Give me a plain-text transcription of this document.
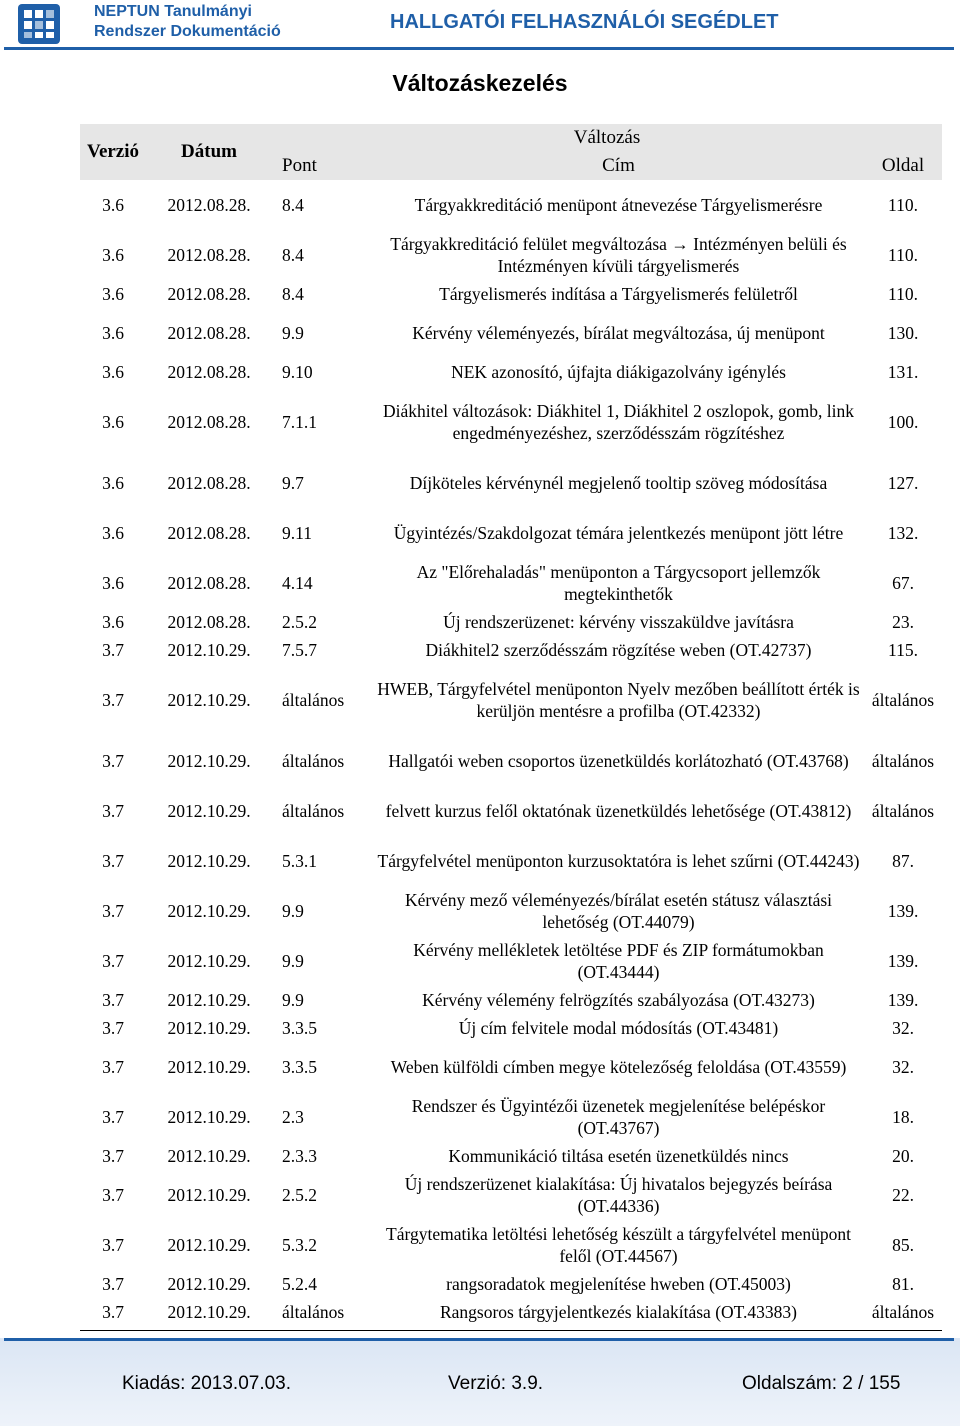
NEPTUN Tanulmányi
Rendszer Dokumentáció	HALLGATÓI FELHASZNÁLÓI SEGÉDLET
Változáskezelés
Verzió	Dátum	Változás		
		Pont	Cím	Oldal
3.6	2012.08.28.	8.4	Tárgyakkreditáció menüpont átnevezése Tárgyelismerésre	110.
3.6	2012.08.28.	8.4	Tárgyakkreditáció felület megváltozása → Intézményen belüli és Intézményen kívüli tárgyelismerés	110.
3.6	2012.08.28.	8.4	Tárgyelismerés indítása a Tárgyelismerés felületről	110.
3.6	2012.08.28.	9.9	Kérvény véleményezés, bírálat megváltozása, új menüpont	130.
3.6	2012.08.28.	9.10	NEK azonosító, újfajta diákigazolvány igénylés	131.
3.6	2012.08.28.	7.1.1	Diákhitel változások: Diákhitel 1, Diákhitel 2 oszlopok, gomb, link engedményezéshez, szerződésszám rögzítéshez	100.
3.6	2012.08.28.	9.7	Díjköteles kérvénynél megjelenő tooltip szöveg módosítása	127.
3.6	2012.08.28.	9.11	Ügyintézés/Szakdolgozat témára jelentkezés menüpont jött létre	132.
3.6	2012.08.28.	4.14	Az "Előrehaladás" menüponton a Tárgycsoport jellemzők megtekinthetők	67.
3.6	2012.08.28.	2.5.2	Új rendszerüzenet: kérvény visszaküldve javításra	23.
3.7	2012.10.29.	7.5.7	Diákhitel2 szerződésszám rögzítése weben (OT.42737)	115.
3.7	2012.10.29.	általános	HWEB, Tárgyfelvétel menüponton Nyelv mezőben beállított érték is kerüljön mentésre a profilba (OT.42332)	általános
3.7	2012.10.29.	általános	Hallgatói weben csoportos üzenetküldés korlátozható (OT.43768)	általános
3.7	2012.10.29.	általános	felvett kurzus felől oktatónak üzenetküldés lehetősége (OT.43812)	általános
3.7	2012.10.29.	5.3.1	Tárgyfelvétel menüponton kurzusoktatóra is lehet szűrni (OT.44243)	87.
3.7	2012.10.29.	9.9	Kérvény mező véleményezés/bírálat esetén státusz választási lehetőség (OT.44079)	139.
3.7	2012.10.29.	9.9	Kérvény mellékletek letöltése PDF és ZIP formátumokban (OT.43444)	139.
3.7	2012.10.29.	9.9	Kérvény vélemény felrögzítés szabályozása (OT.43273)	139.
3.7	2012.10.29.	3.3.5	Új cím felvitele modal módosítás (OT.43481)	32.
3.7	2012.10.29.	3.3.5	Weben külföldi címben megye kötelezőség feloldása (OT.43559)	32.
3.7	2012.10.29.	2.3	Rendszer és Ügyintézői üzenetek megjelenítése belépéskor (OT.43767)	18.
3.7	2012.10.29.	2.3.3	Kommunikáció tiltása esetén üzenetküldés nincs	20.
3.7	2012.10.29.	2.5.2	Új rendszerüzenet kialakítása: Új hivatalos bejegyzés beírása (OT.44336)	22.
3.7	2012.10.29.	5.3.2	Tárgytematika letöltési lehetőség készült a tárgyfelvétel menüpont felől (OT.44567)	85.
3.7	2012.10.29.	5.2.4	rangsoradatok megjelenítése hweben (OT.45003)	81.
3.7	2012.10.29.	általános	Rangsoros tárgyjelentkezés kialakítása (OT.43383)	általános
Kiadás: 2013.07.03.	Verzió: 3.9.	Oldalszám: 2 / 155
